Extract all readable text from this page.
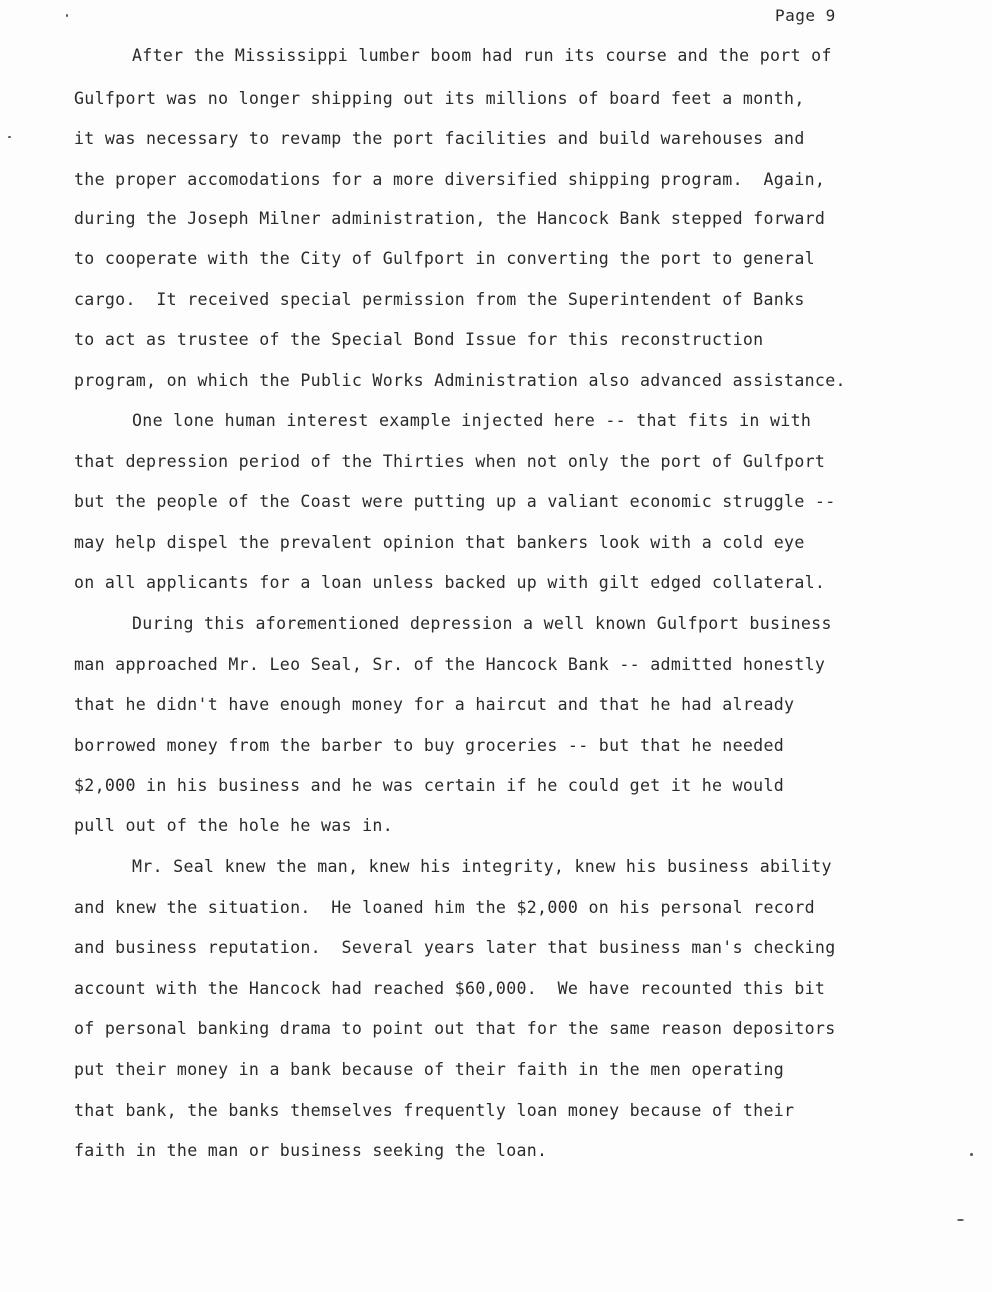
Page 9
After the Mississippi lumber boom had run its course and the port of
Gulfport was no longer shipping out its millions of board feet a month,
it was necessary to revamp the port facilities and build warehouses and
the proper accomodations for a more diversified shipping program.  Again,
during the Joseph Milner administration, the Hancock Bank stepped forward
to cooperate with the City of Gulfport in converting the port to general
cargo.  It received special permission from the Superintendent of Banks
to act as trustee of the Special Bond Issue for this reconstruction
program, on which the Public Works Administration also advanced assistance.
One lone human interest example injected here -- that fits in with
that depression period of the Thirties when not only the port of Gulfport
but the people of the Coast were putting up a valiant economic struggle --
may help dispel the prevalent opinion that bankers look with a cold eye
on all applicants for a loan unless backed up with gilt edged collateral.
During this aforementioned depression a well known Gulfport business
man approached Mr. Leo Seal, Sr. of the Hancock Bank -- admitted honestly
that he didn't have enough money for a haircut and that he had already
borrowed money from the barber to buy groceries -- but that he needed
$2,000 in his business and he was certain if he could get it he would
pull out of the hole he was in.
Mr. Seal knew the man, knew his integrity, knew his business ability
and knew the situation.  He loaned him the $2,000 on his personal record
and business reputation.  Several years later that business man's checking
account with the Hancock had reached $60,000.  We have recounted this bit
of personal banking drama to point out that for the same reason depositors
put their money in a bank because of their faith in the men operating
that bank, the banks themselves frequently loan money because of their
faith in the man or business seeking the loan.
